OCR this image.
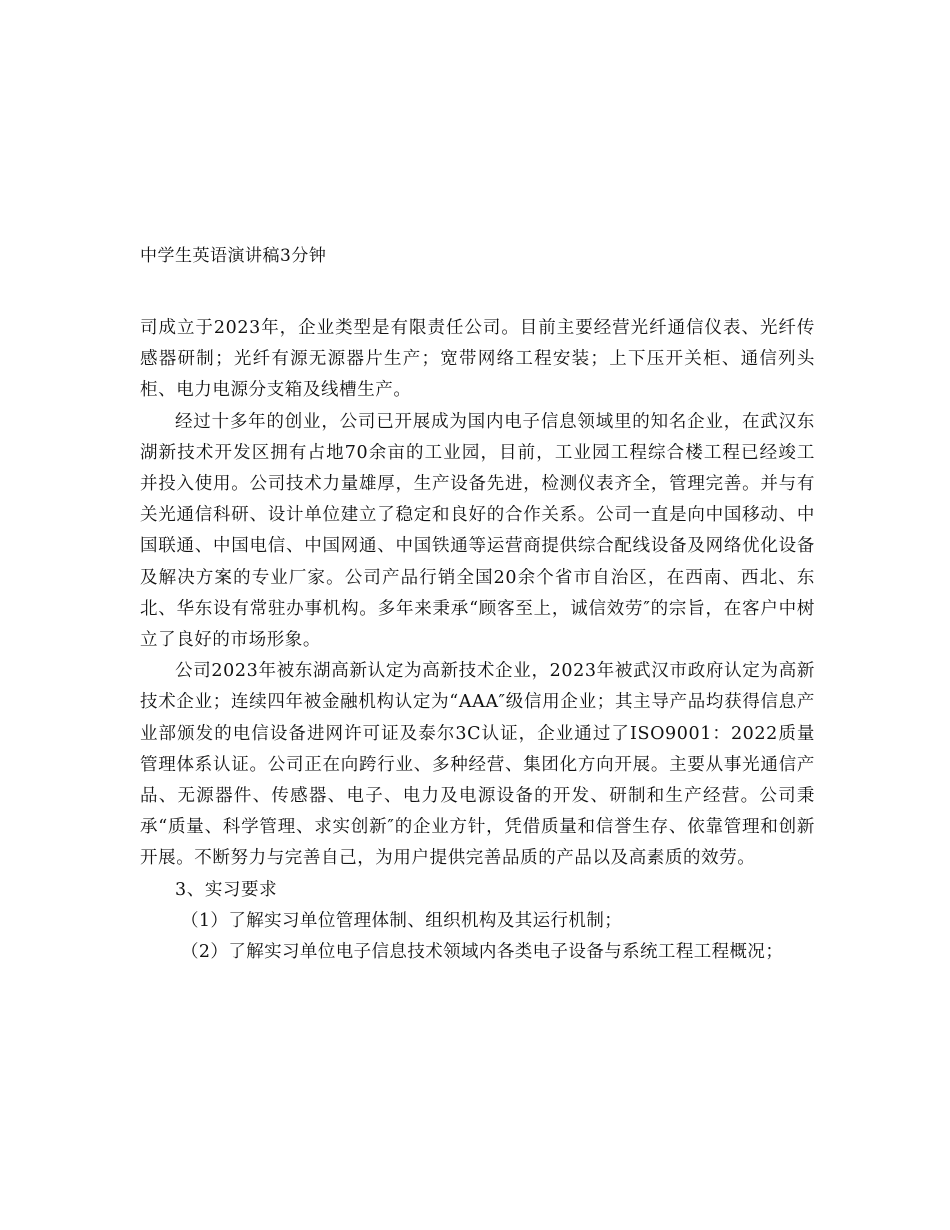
中学生英语演讲稿3分钟

司成立于2023年，企业类型是有限责任公司。目前主要经营光纤通信仪表、光纤传感器研制；光纤有源无源器片生产；宽带网络工程安装；上下压开关柜、通信列头柜、电力电源分支箱及线槽生产。

经过十多年的创业，公司已开展成为国内电子信息领域里的知名企业，在武汉东湖新技术开发区拥有占地70余亩的工业园，目前，工业园工程综合楼工程已经竣工并投入使用。公司技术力量雄厚，生产设备先进，检测仪表齐全，管理完善。并与有关光通信科研、设计单位建立了稳定和良好的合作关系。公司一直是向中国移动、中国联通、中国电信、中国网通、中国铁通等运营商提供综合配线设备及网络优化设备及解决方案的专业厂家。公司产品行销全国20余个省市自治区，在西南、西北、东北、华东设有常驻办事机构。多年来秉承“顾客至上，诚信效劳″的宗旨，在客户中树立了良好的市场形象。

公司2023年被东湖高新认定为高新技术企业，2023年被武汉市政府认定为高新技术企业；连续四年被金融机构认定为“AAA″级信用企业；其主导产品均获得信息产业部颁发的电信设备进网许可证及泰尔3C认证，企业通过了ISO9001：2022质量管理体系认证。公司正在向跨行业、多种经营、集团化方向开展。主要从事光通信产品、无源器件、传感器、电子、电力及电源设备的开发、研制和生产经营。公司秉承“质量、科学管理、求实创新″的企业方针，凭借质量和信誉生存、依靠管理和创新开展。不断努力与完善自己，为用户提供完善品质的产品以及高素质的效劳。

3、实习要求

（1）了解实习单位管理体制、组织机构及其运行机制；

（2）了解实习单位电子信息技术领域内各类电子设备与系统工程工程概况；
